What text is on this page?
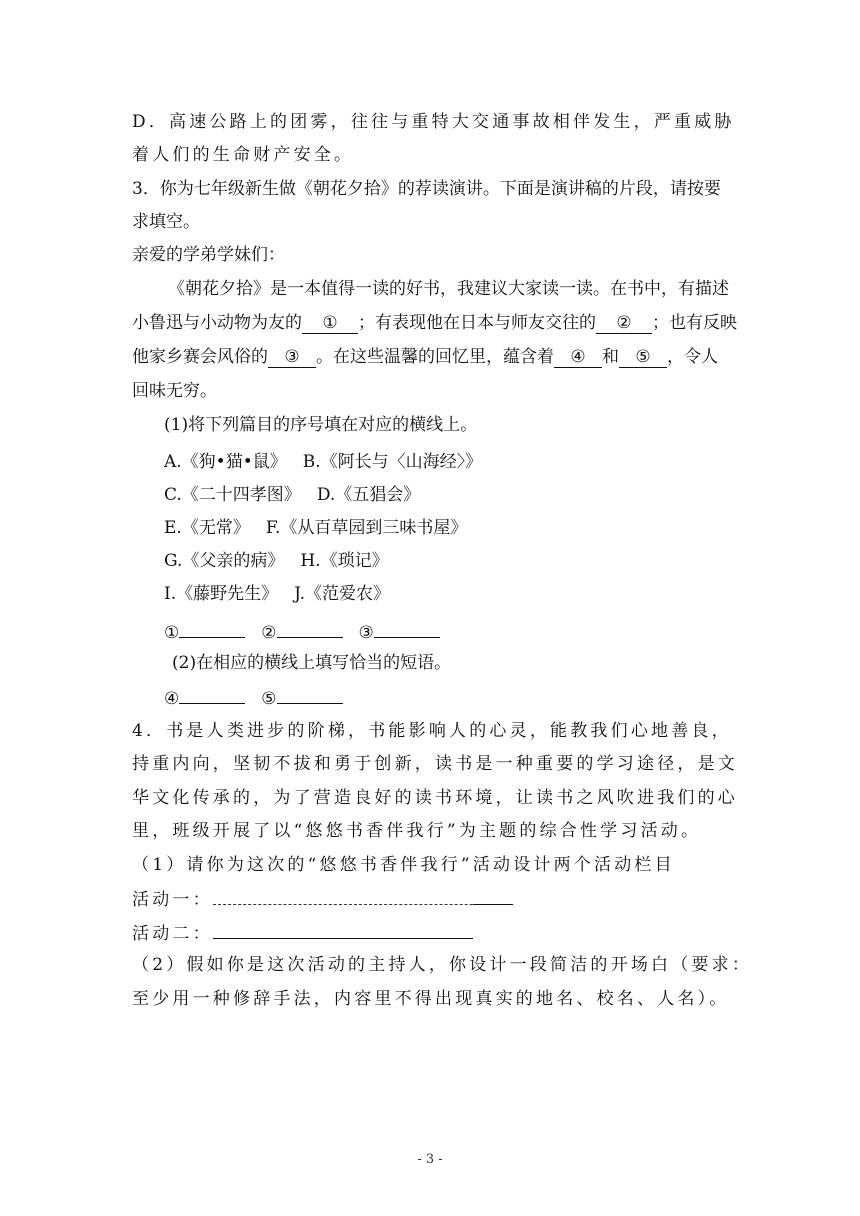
D．高速公路上的团雾，往往与重特大交通事故相伴发生，严重威胁
着人们的生命财产安全。
3．你为七年级新生做《朝花夕拾》的荐读演讲。下面是演讲稿的片段，请按要
求填空。
亲爱的学弟学妹们：
《朝花夕拾》是一本值得一读的好书，我建议大家读一读。在书中，有描述
小鲁迅与小动物为友的 ① ；有表现他在日本与师友交往的 ② ；也有反映
他家乡赛会风俗的 ③ 。在这些温馨的回忆里，蕴含着 ④ 和 ⑤ ，令人
回味无穷。
(1)将下列篇目的序号填在对应的横线上。
A.《狗•猫•鼠》 B.《阿长与〈山海经〉》
C.《二十四孝图》 D.《五猖会》
E.《无常》 F.《从百草园到三味书屋》
G.《父亲的病》 H.《琐记》
I.《藤野先生》 J.《范爱农》
①	②	③
(2)在相应的横线上填写恰当的短语。
④	⑤
4．书是人类进步的阶梯，书能影响人的心灵，能教我们心地善良，
持重内向，坚韧不拔和勇于创新，读书是一种重要的学习途径，是文
华文化传承的，为了营造良好的读书环境，让读书之风吹进我们的心
里，班级开展了以“悠悠书香伴我行”为主题的综合性学习活动。
（1）请你为这次的“悠悠书香伴我行”活动设计两个活动栏目
活动一：
活动二：
（2）假如你是这次活动的主持人，你设计一段简洁的开场白（要求：
至少用一种修辞手法，内容里不得出现真实的地名、校名、人名）。
- 3 -
